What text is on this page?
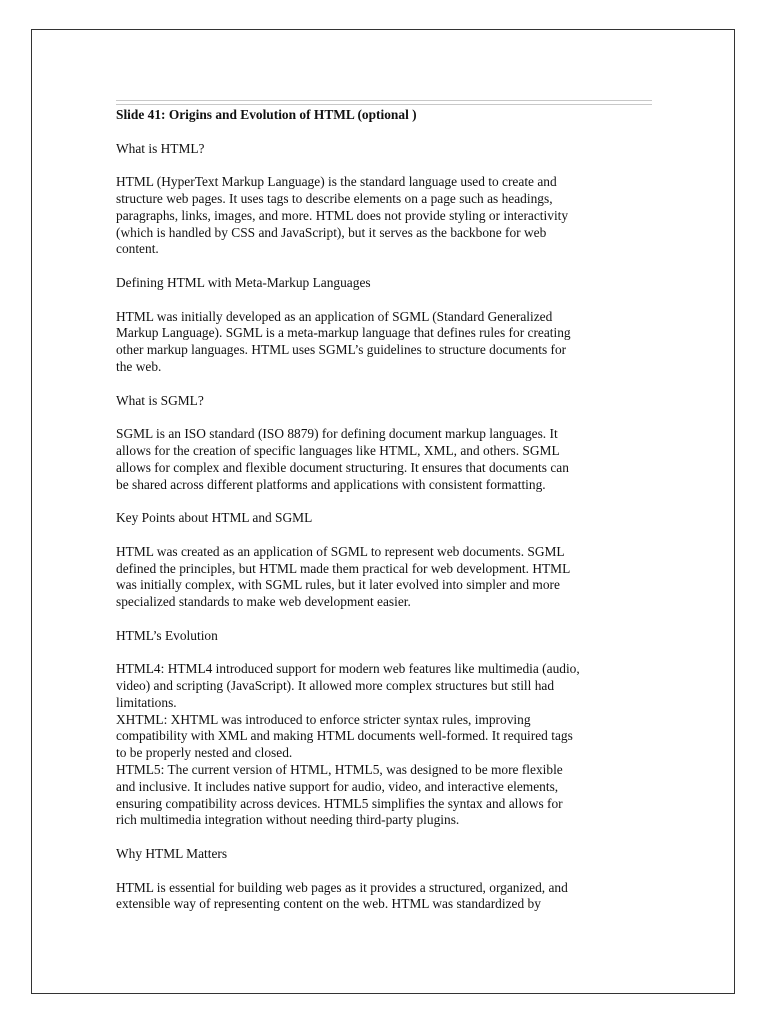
Slide 41: Origins and Evolution of HTML (optional )

What is HTML?

HTML (HyperText Markup Language) is the standard language used to create and
structure web pages. It uses tags to describe elements on a page such as headings,
paragraphs, links, images, and more. HTML does not provide styling or interactivity
(which is handled by CSS and JavaScript), but it serves as the backbone for web
content.

Defining HTML with Meta-Markup Languages

HTML was initially developed as an application of SGML (Standard Generalized
Markup Language). SGML is a meta-markup language that defines rules for creating
other markup languages. HTML uses SGML’s guidelines to structure documents for
the web.

What is SGML?

SGML is an ISO standard (ISO 8879) for defining document markup languages. It
allows for the creation of specific languages like HTML, XML, and others. SGML
allows for complex and flexible document structuring. It ensures that documents can
be shared across different platforms and applications with consistent formatting.

Key Points about HTML and SGML

HTML was created as an application of SGML to represent web documents. SGML
defined the principles, but HTML made them practical for web development. HTML
was initially complex, with SGML rules, but it later evolved into simpler and more
specialized standards to make web development easier.

HTML’s Evolution

HTML4: HTML4 introduced support for modern web features like multimedia (audio,
video) and scripting (JavaScript). It allowed more complex structures but still had
limitations.
XHTML: XHTML was introduced to enforce stricter syntax rules, improving
compatibility with XML and making HTML documents well-formed. It required tags
to be properly nested and closed.
HTML5: The current version of HTML, HTML5, was designed to be more flexible
and inclusive. It includes native support for audio, video, and interactive elements,
ensuring compatibility across devices. HTML5 simplifies the syntax and allows for
rich multimedia integration without needing third-party plugins.

Why HTML Matters

HTML is essential for building web pages as it provides a structured, organized, and
extensible way of representing content on the web. HTML was standardized by
